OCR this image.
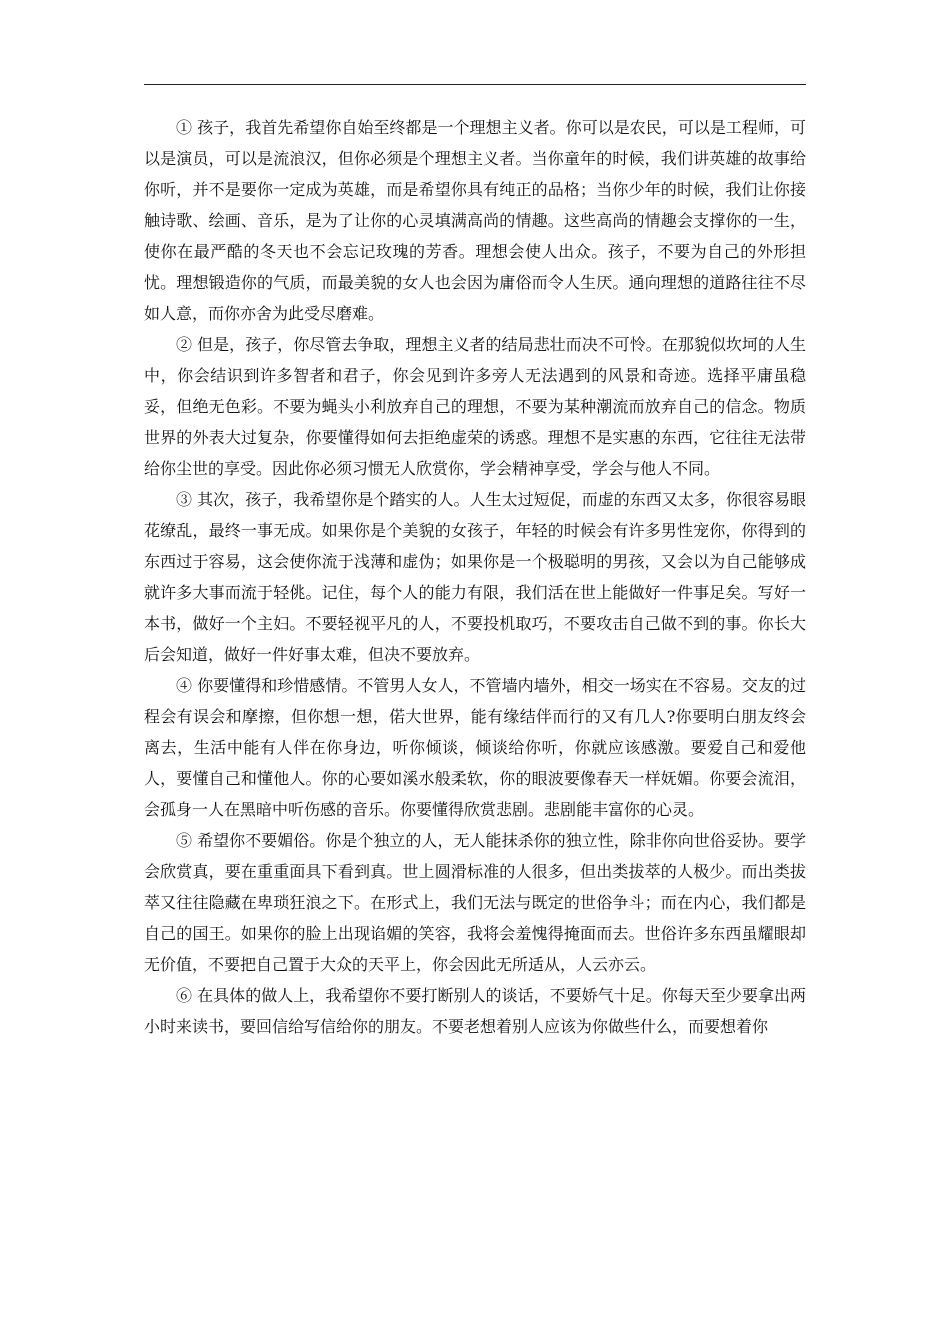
① 孩子，我首先希望你自始至终都是一个理想主义者。你可以是农民，可以是工程师，可以是演员，可以是流浪汉，但你必须是个理想主义者。当你童年的时候，我们讲英雄的故事给你听，并不是要你一定成为英雄，而是希望你具有纯正的品格；当你少年的时候，我们让你接触诗歌、绘画、音乐，是为了让你的心灵填满高尚的情趣。这些高尚的情趣会支撑你的一生，使你在最严酷的冬天也不会忘记玫瑰的芳香。理想会使人出众。孩子，不要为自己的外形担忧。理想锻造你的气质，而最美貌的女人也会因为庸俗而令人生厌。通向理想的道路往往不尽如人意，而你亦舍为此受尽磨难。

② 但是，孩子，你尽管去争取，理想主义者的结局悲壮而决不可怜。在那貌似坎坷的人生中，你会结识到许多智者和君子，你会见到许多旁人无法遇到的风景和奇迹。选择平庸虽稳妥，但绝无色彩。不要为蝇头小利放弃自己的理想，不要为某种潮流而放弃自己的信念。物质世界的外表大过复杂，你要懂得如何去拒绝虚荣的诱惑。理想不是实惠的东西，它往往无法带给你尘世的享受。因此你必须习惯无人欣赏你，学会精神享受，学会与他人不同。

③ 其次，孩子，我希望你是个踏实的人。人生太过短促，而虚的东西又太多，你很容易眼花缭乱，最终一事无成。如果你是个美貌的女孩子，年轻的时候会有许多男性宠你，你得到的东西过于容易，这会使你流于浅薄和虚伪；如果你是一个极聪明的男孩，又会以为自己能够成就许多大事而流于轻佻。记住，每个人的能力有限，我们活在世上能做好一件事足矣。写好一本书，做好一个主妇。不要轻视平凡的人，不要投机取巧，不要攻击自己做不到的事。你长大后会知道，做好一件好事太难，但决不要放弃。

④ 你要懂得和珍惜感情。不管男人女人，不管墙内墙外，相交一场实在不容易。交友的过程会有误会和摩擦，但你想一想，偌大世界，能有缘结伴而行的又有几人?你要明白朋友终会离去，生活中能有人伴在你身边，听你倾谈，倾谈给你听，你就应该感激。要爱自己和爱他人，要懂自己和懂他人。你的心要如溪水般柔软，你的眼波要像春天一样妩媚。你要会流泪，会孤身一人在黑暗中听伤感的音乐。你要懂得欣赏悲剧。悲剧能丰富你的心灵。

⑤ 希望你不要媚俗。你是个独立的人，无人能抹杀你的独立性，除非你向世俗妥协。要学会欣赏真，要在重重面具下看到真。世上圆滑标准的人很多，但出类拔萃的人极少。而出类拔萃又往往隐藏在卑琐狂浪之下。在形式上，我们无法与既定的世俗争斗；而在内心，我们都是自己的国王。如果你的脸上出现谄媚的笑容，我将会羞愧得掩面而去。世俗许多东西虽耀眼却无价值，不要把自己置于大众的天平上，你会因此无所适从，人云亦云。

⑥ 在具体的做人上，我希望你不要打断别人的谈话，不要娇气十足。你每天至少要拿出两小时来读书，要回信给写信给你的朋友。不要老想着别人应该为你做些什么，而要想着你
